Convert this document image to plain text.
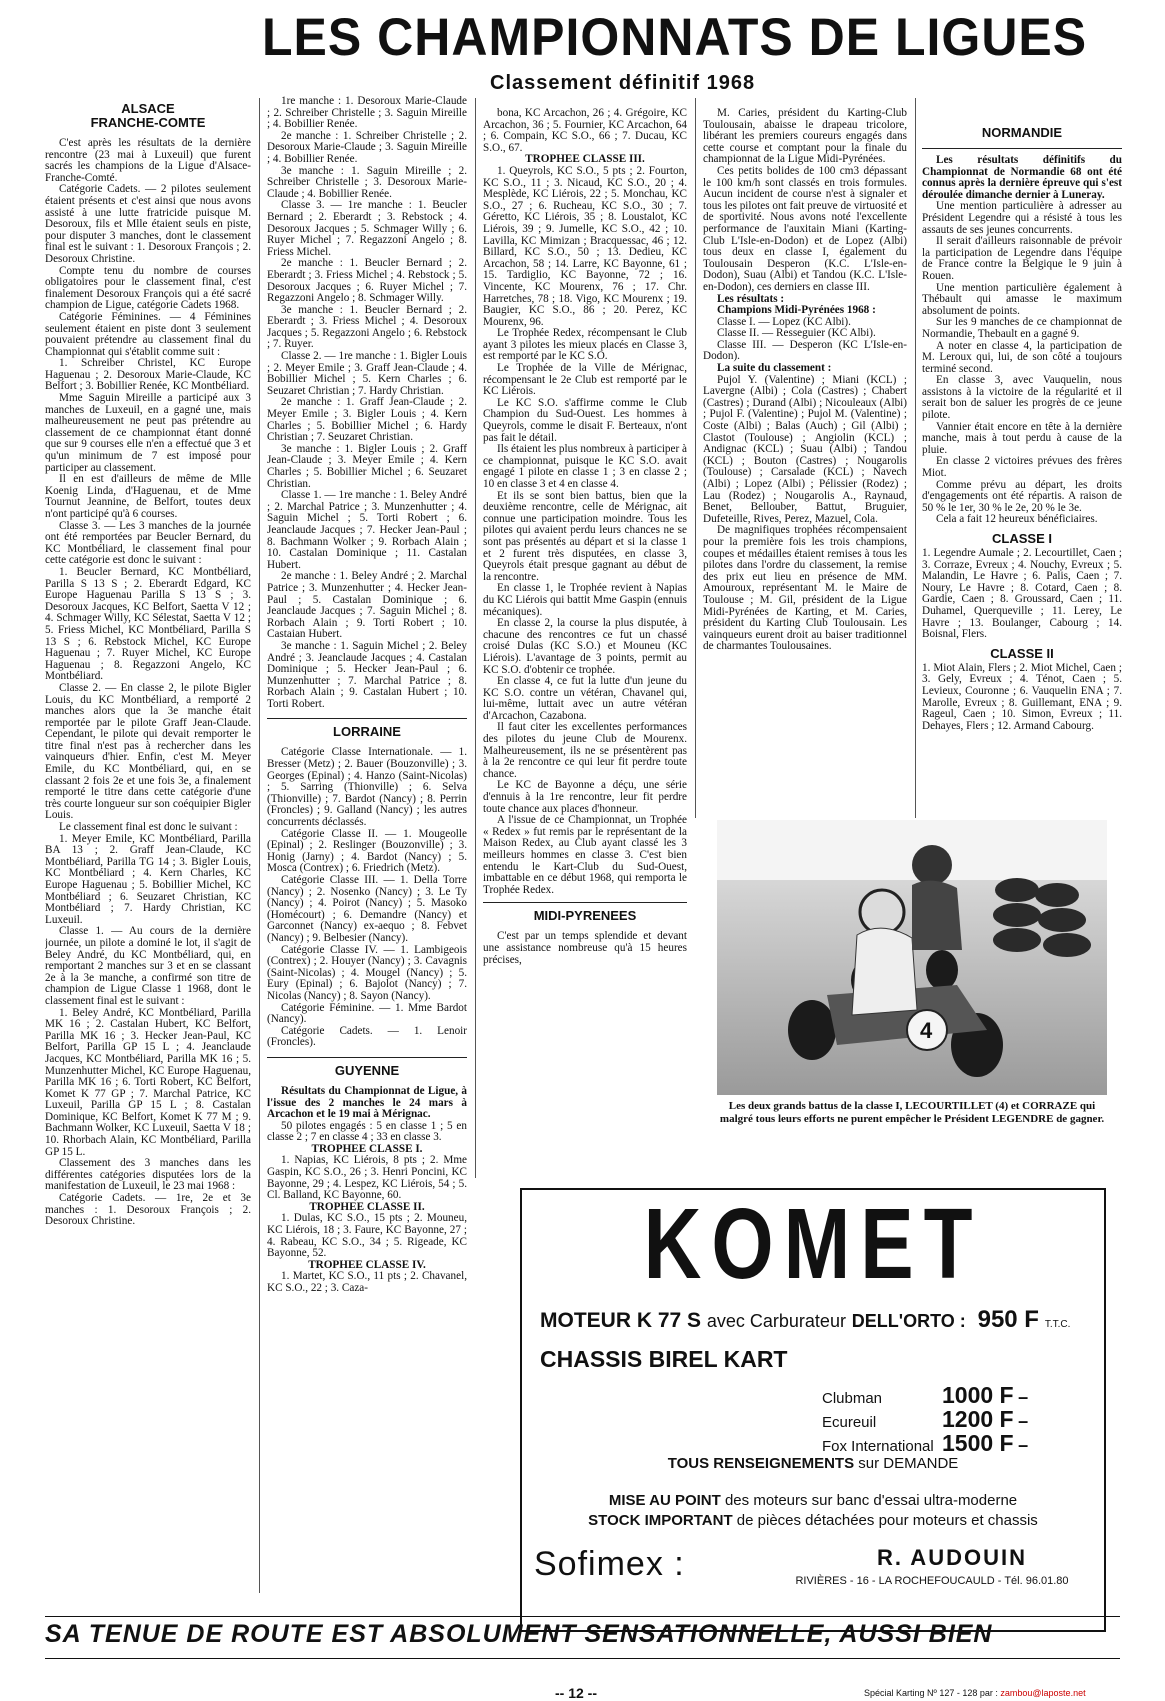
LES CHAMPIONNATS DE LIGUES
Classement définitif 1968
ALSACE
FRANCHE-COMTE

C'est après les résultats de la dernière rencontre (23 mai à Luxeuil) que furent sacrés les champions de la Ligue d'Alsace-Franche-Comté.

Catégorie Cadets. — 2 pilotes seulement étaient présents et c'est ainsi que nous avons assisté à une lutte fratricide puisque M. Desoroux, fils et Mlle étaient seuls en piste, pour disputer 3 manches, dont le classement final est le suivant : 1. Desoroux François ; 2. Desoroux Christine.

Compte tenu du nombre de courses obligatoires pour le classement final, c'est finalement Desoroux François qui a été sacré champion de Ligue, catégorie Cadets 1968.

Catégorie Féminines. — 4 Féminines seulement étaient en piste dont 3 seulement pouvaient prétendre au classement final du Championnat qui s'établit comme suit :

1. Schreiber Christel, KC Europe Haguenau ; 2. Desoroux Marie-Claude, KC Belfort ; 3. Bobillier Renée, KC Montbéliard.

Mme Saguin Mireille a participé aux 3 manches de Luxeuil, en a gagné une, mais malheureusement ne peut pas prétendre au classement de ce championnat étant donné que sur 9 courses elle n'en a effectué que 3 et qu'un minimum de 7 est imposé pour participer au classement.

Il en est d'ailleurs de même de Mlle Koenig Linda, d'Haguenau, et de Mme Tournut Jeannine, de Belfort, toutes deux n'ont participé qu'à 6 courses.

Classe 3. — Les 3 manches de la journée ont été remportées par Beucler Bernard, du KC Montbéliard, le classement final pour cette catégorie est donc le suivant :

1. Beucler Bernard, KC Montbéliard, Parilla S 13 S ; 2. Eberardt Edgard, KC Europe Haguenau Parilla S 13 S ; 3. Desoroux Jacques, KC Belfort, Saetta V 12 ; 4. Schmager Willy, KC Sélestat, Saetta V 12 ; 5. Friess Michel, KC Montbéliard, Parilla S 13 S ; 6. Rebstock Michel, KC Europe Haguenau ; 7. Ruyer Michel, KC Europe Haguenau ; 8. Regazzoni Angelo, KC Montbéliard.

Classe 2. — En classe 2, le pilote Bigler Louis, du KC Montbéliard, a remporté 2 manches alors que la 3e manche était remportée par le pilote Graff Jean-Claude. Cependant, le pilote qui devait remporter le titre final n'est pas à rechercher dans les vainqueurs d'hier. Enfin, c'est M. Meyer Emile, du KC Montbéliard, qui, en se classant 2 fois 2e et une fois 3e, a finalement remporté le titre dans cette catégorie d'une très courte longueur sur son coéquipier Bigler Louis.

Le classement final est donc le suivant :

1. Meyer Emile, KC Montbéliard, Parilla BA 13 ; 2. Graff Jean-Claude, KC Montbéliard, Parilla TG 14 ; 3. Bigler Louis, KC Montbéliard ; 4. Kern Charles, KC Europe Haguenau ; 5. Bobillier Michel, KC Montbéliard ; 6. Seuzaret Christian, KC Montbéliard ; 7. Hardy Christian, KC Luxeuil.

Classe 1. — Au cours de la dernière journée, un pilote a dominé le lot, il s'agit de Beley André, du KC Montbéliard, qui, en remportant 2 manches sur 3 et en se classant 2e à la 3e manche, a confirmé son titre de champion de Ligue Classe 1 1968, dont le classement final est le suivant :

1. Beley André, KC Montbéliard, Parilla MK 16 ; 2. Castalan Hubert, KC Belfort, Parilla MK 16 ; 3. Hecker Jean-Paul, KC Belfort, Parilla GP 15 L ; 4. Jeanclaude Jacques, KC Montbéliard, Parilla MK 16 ; 5. Munzenhutter Michel, KC Europe Haguenau, Parilla MK 16 ; 6. Torti Robert, KC Belfort, Komet K 77 GP ; 7. Marchal Patrice, KC Luxeuil, Parilla GP 15 L ; 8. Castalan Dominique, KC Belfort, Komet K 77 M ; 9. Bachmann Wolker, KC Luxeuil, Saetta V 18 ; 10. Rhorbach Alain, KC Montbéliard, Parilla GP 15 L.

Classement des 3 manches dans les différentes catégories disputées lors de la manifestation de Luxeuil, le 23 mai 1968 :

Catégorie Cadets. — 1re, 2e et 3e manches : 1. Desoroux François ; 2. Desoroux Christine.

1re manche : 1. Desoroux Marie-Claude ; 2. Schreiber Christelle ; 3. Saguin Mireille ; 4. Bobillier Renée.

2e manche : 1. Schreiber Christelle ; 2. Desoroux Marie-Claude ; 3. Saguin Mireille ; 4. Bobillier Renée.

3e manche : 1. Saguin Mireille ; 2. Schreiber Christelle ; 3. Desoroux Marie-Claude ; 4. Bobillier Renée.

Classe 3. — 1re manche : 1. Beucler Bernard ; 2. Eberardt ; 3. Rebstock ; 4. Desoroux Jacques ; 5. Schmager Willy ; 6. Ruyer Michel ; 7. Regazzoni Angelo ; 8. Friess Michel.

2e manche : 1. Beucler Bernard ; 2. Eberardt ; 3. Friess Michel ; 4. Rebstock ; 5. Desoroux Jacques ; 6. Ruyer Michel ; 7. Regazzoni Angelo ; 8. Schmager Willy.

3e manche : 1. Beucler Bernard ; 2. Eberardt ; 3. Friess Michel ; 4. Desoroux Jacques ; 5. Regazzoni Angelo ; 6. Rebstock ; 7. Ruyer.

Classe 2. — 1re manche : 1. Bigler Louis ; 2. Meyer Emile ; 3. Graff Jean-Claude ; 4. Bobillier Michel ; 5. Kern Charles ; 6. Seuzaret Christian ; 7. Hardy Christian.

2e manche : 1. Graff Jean-Claude ; 2. Meyer Emile ; 3. Bigler Louis ; 4. Kern Charles ; 5. Bobillier Michel ; 6. Hardy Christian ; 7. Seuzaret Christian.

3e manche : 1. Bigler Louis ; 2. Graff Jean-Claude ; 3. Meyer Emile ; 4. Kern Charles ; 5. Bobillier Michel ; 6. Seuzaret Christian.

Classe 1. — 1re manche : 1. Beley André ; 2. Marchal Patrice ; 3. Munzenhutter ; 4. Saguin Michel ; 5. Torti Robert ; 6. Jeanclaude Jacques ; 7. Hecker Jean-Paul ; 8. Bachmann Wolker ; 9. Rorbach Alain ; 10. Castalan Dominique ; 11. Castalan Hubert.

2e manche : 1. Beley André ; 2. Marchal Patrice ; 3. Munzenhutter ; 4. Hecker Jean-Paul ; 5. Castalan Dominique ; 6. Jeanclaude Jacques ; 7. Saguin Michel ; 8. Rorbach Alain ; 9. Torti Robert ; 10. Castaian Hubert.

3e manche : 1. Saguin Michel ; 2. Beley André ; 3. Jeanclaude Jacques ; 4. Castalan Dominique ; 5. Hecker Jean-Paul ; 6. Munzenhutter ; 7. Marchal Patrice ; 8. Rorbach Alain ; 9. Castalan Hubert ; 10. Torti Robert.

LORRAINE

Catégorie Classe Internationale. — 1. Bresser (Metz) ; 2. Bauer (Bouzonville) ; 3. Georges (Epinal) ; 4. Hanzo (Saint-Nicolas) ; 5. Sarring (Thionville) ; 6. Selva (Thionville) ; 7. Bardot (Nancy) ; 8. Perrin (Froncles) ; 9. Galland (Nancy) ; les autres concurrents déclassés.

Catégorie Classe II. — 1. Mougeolle (Epinal) ; 2. Reslinger (Bouzonville) ; 3. Honig (Jarny) ; 4. Bardot (Nancy) ; 5. Mosca (Contrex) ; 6. Friedrich (Metz).

Catégorie Classe III. — 1. Della Torre (Nancy) ; 2. Nosenko (Nancy) ; 3. Le Ty (Nancy) ; 4. Poirot (Nancy) ; 5. Masoko (Homécourt) ; 6. Demandre (Nancy) et Garconnet (Nancy) ex-aequo ; 8. Febvet (Nancy) ; 9. Belbesier (Nancy).

Catégorie Classe IV. — 1. Lambigeois (Contrex) ; 2. Houyer (Nancy) ; 3. Cavagnis (Saint-Nicolas) ; 4. Mougel (Nancy) ; 5. Eury (Epinal) ; 6. Bajolot (Nancy) ; 7. Nicolas (Nancy) ; 8. Sayon (Nancy).

Catégorie Féminine. — 1. Mme Bardot (Nancy).

Catégorie Cadets. — 1. Lenoir (Froncles).

GUYENNE

Résultats du Championnat de Ligue, à l'issue des 2 manches le 24 mars à Arcachon et le 19 mai à Mérignac.

50 pilotes engagés : 5 en classe 1 ; 5 en classe 2 ; 7 en classe 4 ; 33 en classe 3.

TROPHEE CLASSE I.

1. Napias, KC Liérois, 8 pts ; 2. Mme Gaspin, KC S.O., 26 ; 3. Henri Poncini, KC Bayonne, 29 ; 4. Lespez, KC Liérois, 54 ; 5. Cl. Balland, KC Bayonne, 60.

TROPHEE CLASSE II.

1. Dulas, KC S.O., 15 pts ; 2. Mouneu, KC Liérois, 18 ; 3. Faure, KC Bayonne, 27 ; 4. Rabeau, KC S.O., 34 ; 5. Rigeade, KC Bayonne, 52.

TROPHEE CLASSE IV.

1. Martet, KC S.O., 11 pts ; 2. Chavanel, KC S.O., 22 ; 3. Caza-

bona, KC Arcachon, 26 ; 4. Grégoire, KC Arcachon, 36 ; 5. Fournier, KC Arcachon, 64 ; 6. Compain, KC S.O., 66 ; 7. Ducau, KC S.O., 67.

TROPHEE CLASSE III.

1. Queyrols, KC S.O., 5 pts ; 2. Fourton, KC S.O., 11 ; 3. Nicaud, KC S.O., 20 ; 4. Mesplède, KC Liérois, 22 ; 5. Monchau, KC S.O., 27 ; 6. Rucheau, KC S.O., 30 ; 7. Géretto, KC Liérois, 35 ; 8. Loustalot, KC Liérois, 39 ; 9. Jumelle, KC S.O., 42 ; 10. Lavilla, KC Mimizan ; Bracquessac, 46 ; 12. Billard, KC S.O., 50 ; 13. Dedieu, KC Arcachon, 58 ; 14. Larre, KC Bayonne, 61 ; 15. Tardiglio, KC Bayonne, 72 ; 16. Vincente, KC Mourenx, 76 ; 17. Chr. Harretches, 78 ; 18. Vigo, KC Mourenx ; 19. Baugier, KC S.O., 86 ; 20. Perez, KC Mourenx, 96.

Le Trophée Redex, récompensant le Club ayant 3 pilotes les mieux placés en Classe 3, est remporté par le KC S.O.

Le Trophée de la Ville de Mérignac, récompensant le 2e Club est remporté par le KC Liérois.

Le KC S.O. s'affirme comme le Club Champion du Sud-Ouest. Les hommes à Queyrols, comme le disait F. Berteaux, n'ont pas fait le détail.

Ils étaient les plus nombreux à participer à ce championnat, puisque le KC S.O. avait engagé 1 pilote en classe 1 ; 3 en classe 2 ; 10 en classe 3 et 4 en classe 4.

Et ils se sont bien battus, bien que la deuxième rencontre, celle de Mérignac, ait connue une participation moindre. Tous les pilotes qui avaient perdu leurs chances ne se sont pas présentés au départ et si la classe 1 et 2 furent très disputées, en classe 3, Queyrols était presque gagnant au début de la rencontre.

En classe 1, le Trophée revient à Napias du KC Liérois qui battit Mme Gaspin (ennuis mécaniques).

En classe 2, la course la plus disputée, à chacune des rencontres ce fut un chassé croisé Dulas (KC S.O.) et Mouneu (KC Liérois). L'avantage de 3 points, permit au KC S.O. d'obtenir ce trophée.

En classe 4, ce fut la lutte d'un jeune du KC S.O. contre un vétéran, Chavanel qui, lui-même, luttait avec un autre vétéran d'Arcachon, Cazabona.

Il faut citer les excellentes performances des pilotes du jeune Club de Mourenx. Malheureusement, ils ne se présentèrent pas à la 2e rencontre ce qui leur fit perdre toute chance.

Le KC de Bayonne a déçu, une série d'ennuis à la 1re rencontre, leur fit perdre toute chance aux places d'honneur.

A l'issue de ce Championnat, un Trophée « Redex » fut remis par le représentant de la Maison Redex, au Club ayant classé les 3 meilleurs hommes en classe 3. C'est bien entendu le Kart-Club du Sud-Ouest, imbattable en ce début 1968, qui remporta le Trophée Redex.

MIDI-PYRENEES

C'est par un temps splendide et devant une assistance nombreuse qu'à 15 heures précises,

M. Caries, président du Karting-Club Toulousain, abaisse le drapeau tricolore, libérant les premiers coureurs engagés dans cette course et comptant pour la finale du championnat de la Ligue Midi-Pyrénées.

Ces petits bolides de 100 cm3 dépassant le 100 km/h sont classés en trois formules. Aucun incident de course n'est à signaler et tous les pilotes ont fait preuve de virtuosité et de sportivité. Nous avons noté l'excellente performance de l'auxitain Miani (Karting-Club L'Isle-en-Dodon) et de Lopez (Albi) tous deux en classe I, également du Toulousain Desperon (K.C. L'Isle-en-Dodon), Suau (Albi) et Tandou (K.C. L'Isle-en-Dodon), ces derniers en classe III.

Les résultats :

Champions Midi-Pyrénées 1968 :

Classe I. — Lopez (KC Albi).

Classe II. — Resseguier (KC Albi).

Classe III. — Desperon (KC L'Isle-en-Dodon).

La suite du classement :

Pujol Y. (Valentine) ; Miani (KCL) ; Lavergne (Albi) ; Cola (Castres) ; Chabert (Castres) ; Durand (Albi) ; Nicouleaux (Albi) ; Pujol F. (Valentine) ; Pujol M. (Valentine) ; Coste (Albi) ; Balas (Auch) ; Gil (Albi) ; Clastot (Toulouse) ; Angiolin (KCL) ; Andignac (KCL) ; Suau (Albi) ; Tandou (KCL) ; Bouton (Castres) ; Nougarolis (Toulouse) ; Carsalade (KCL) ; Navech (Albi) ; Lopez (Albi) ; Pélissier (Rodez) ; Lau (Rodez) ; Nougarolis A., Raynaud, Benet, Bellouber, Battut, Bruguier, Dufeteille, Rives, Perez, Mazuel, Cola.

De magnifiques trophées récompensaient pour la première fois les trois champions, coupes et médailles étaient remises à tous les pilotes dans l'ordre du classement, la remise des prix eut lieu en présence de MM. Amouroux, représentant M. le Maire de Toulouse ; M. Gil, président de la Ligue Midi-Pyrénées de Karting, et M. Caries, président du Karting Club Toulousain. Les vainqueurs eurent droit au baiser traditionnel de charmantes Toulousaines.

NORMANDIE

Les résultats définitifs du Championnat de Normandie 68 ont été connus après la dernière épreuve qui s'est déroulée dimanche dernier à Luneray.

Une mention particulière à adresser au Président Legendre qui a résisté à tous les assauts de ses jeunes concurrents.

Il serait d'ailleurs raisonnable de prévoir la participation de Legendre dans l'équipe de France contre la Belgique le 9 juin à Rouen.

Une mention particulière également à Thébault qui amasse le maximum absolument de points.

Sur les 9 manches de ce championnat de Normandie, Thebault en a gagné 9.

A noter en classe 4, la participation de M. Leroux qui, lui, de son côté a toujours terminé second.

En classe 3, avec Vauquelin, nous assistons à la victoire de la régularité et il serait bon de saluer les progrès de ce jeune pilote.

Vannier était encore en tête à la dernière manche, mais à tout perdu à cause de la pluie.

En classe 2 victoires prévues des frères Miot.

Comme prévu au départ, les droits d'engagements ont été répartis. A raison de 50 % le 1er, 30 % le 2e, 20 % le 3e.

Cela a fait 12 heureux bénéficiaires.

CLASSE I

1. Legendre Aumale ; 2. Lecourtillet, Caen ; 3. Corraze, Evreux ; 4. Nouchy, Evreux ; 5. Malandin, Le Havre ; 6. Palis, Caen ; 7. Noury, Le Havre ; 8. Cotard, Caen ; 8. Gardie, Caen ; 8. Groussard, Caen ; 11. Duhamel, Querqueville ; 11. Lerey, Le Havre ; 13. Boulanger, Cabourg ; 14. Boisnal, Flers.

CLASSE II

1. Miot Alain, Flers ; 2. Miot Michel, Caen ; 3. Gely, Evreux ; 4. Ténot, Caen ; 5. Levieux, Couronne ; 6. Vauquelin ENA ; 7. Marolle, Evreux ; 8. Guillemant, ENA ; 9. Rageul, Caen ; 10. Simon, Evreux ; 11. Dehayes, Flers ; 12. Armand Cabourg.

4
Les deux grands battus de la classe I, LECOURTILLET (4) et CORRAZE qui malgré tous leurs efforts ne purent empêcher le Président LEGENDRE de gagner.
KOMET
MOTEUR K 77 S avec Carburateur DELL'ORTO : 950 F T.T.C.
CHASSIS BIREL KART
Clubman	1000 F –
Ecureuil	1200 F –
Fox International 1500 F –
TOUS RENSEIGNEMENTS sur DEMANDE
MISE AU POINT des moteurs sur banc d'essai ultra-moderne
STOCK IMPORTANT de pièces détachées pour moteurs et chassis
Sofimex :	R. AUDOUIN
RIVIÈRES - 16 - LA ROCHEFOUCAULD - Tél. 96.01.80
SA TENUE DE ROUTE EST ABSOLUMENT SENSATIONNELLE, AUSSI BIEN
-- 12 --	Spécial Karting Nº 127 - 128 par : zambou@laposte.net
